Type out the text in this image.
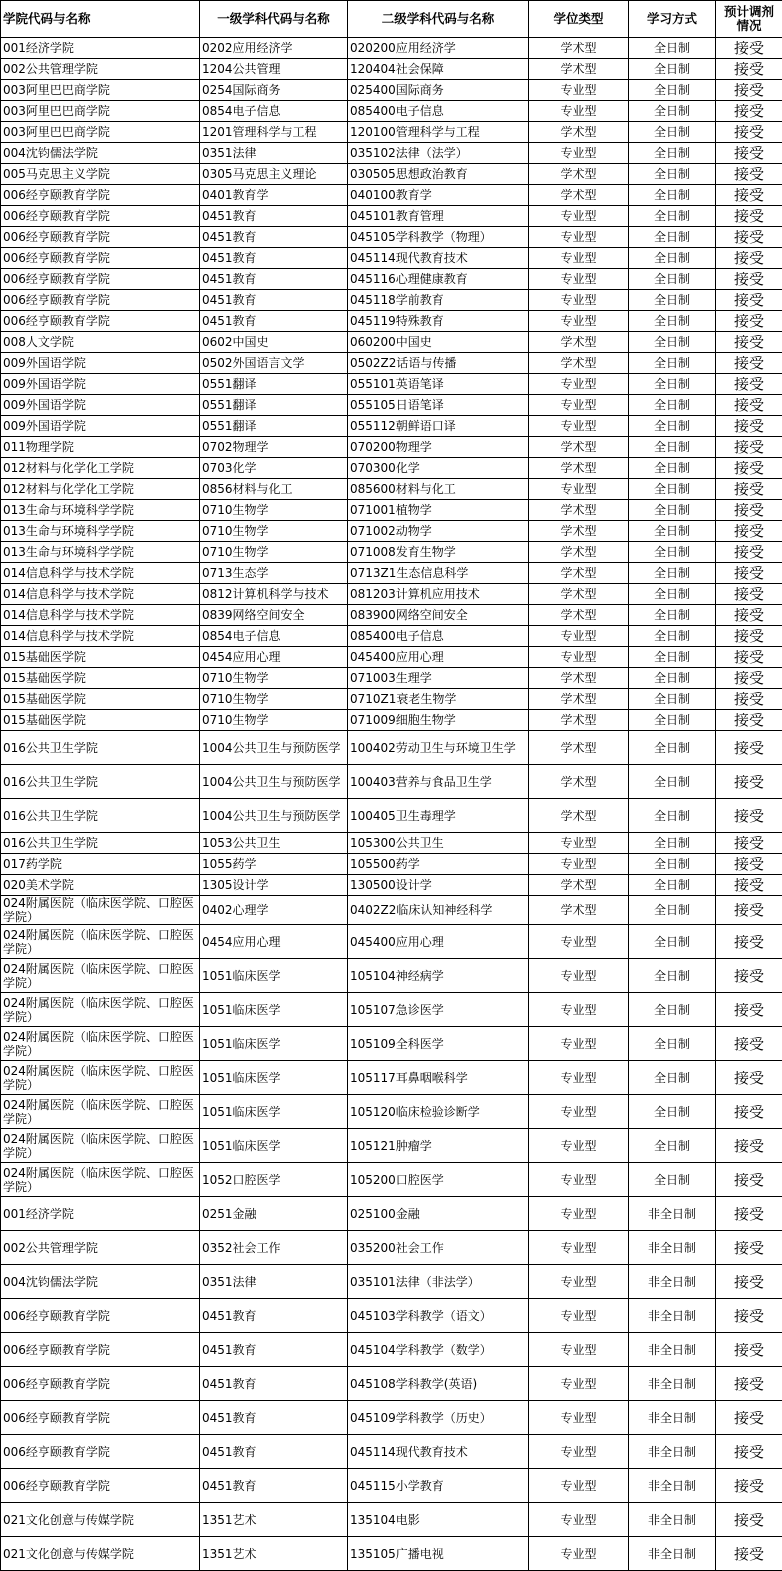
学院代码与名称	一级学科代码与名称	二级学科代码与名称	学位类型	学习方式	预计调剂情况

001经济学院	0202应用经济学	020200应用经济学	学术型	全日制	接受

002公共管理学院	1204公共管理	120404社会保障	学术型	全日制	接受

003阿里巴巴商学院	0254国际商务	025400国际商务	专业型	全日制	接受

003阿里巴巴商学院	0854电子信息	085400电子信息	专业型	全日制	接受

003阿里巴巴商学院	1201管理科学与工程	120100管理科学与工程	学术型	全日制	接受

004沈钧儒法学院	0351法律	035102法律（法学）	专业型	全日制	接受

005马克思主义学院	0305马克思主义理论	030505思想政治教育	学术型	全日制	接受

006经亨颐教育学院	0401教育学	040100教育学	学术型	全日制	接受

006经亨颐教育学院	0451教育	045101教育管理	专业型	全日制	接受

006经亨颐教育学院	0451教育	045105学科教学（物理）	专业型	全日制	接受

006经亨颐教育学院	0451教育	045114现代教育技术	专业型	全日制	接受

006经亨颐教育学院	0451教育	045116心理健康教育	专业型	全日制	接受

006经亨颐教育学院	0451教育	045118学前教育	专业型	全日制	接受

006经亨颐教育学院	0451教育	045119特殊教育	专业型	全日制	接受

008人文学院	0602中国史	060200中国史	学术型	全日制	接受

009外国语学院	0502外国语言文学	0502Z2话语与传播	学术型	全日制	接受

009外国语学院	0551翻译	055101英语笔译	专业型	全日制	接受

009外国语学院	0551翻译	055105日语笔译	专业型	全日制	接受

009外国语学院	0551翻译	055112朝鲜语口译	专业型	全日制	接受

011物理学院	0702物理学	070200物理学	学术型	全日制	接受

012材料与化学化工学院	0703化学	070300化学	学术型	全日制	接受

012材料与化学化工学院	0856材料与化工	085600材料与化工	专业型	全日制	接受

013生命与环境科学学院	0710生物学	071001植物学	学术型	全日制	接受

013生命与环境科学学院	0710生物学	071002动物学	学术型	全日制	接受

013生命与环境科学学院	0710生物学	071008发育生物学	学术型	全日制	接受

014信息科学与技术学院	0713生态学	0713Z1生态信息科学	学术型	全日制	接受

014信息科学与技术学院	0812计算机科学与技术	081203计算机应用技术	学术型	全日制	接受

014信息科学与技术学院	0839网络空间安全	083900网络空间安全	学术型	全日制	接受

014信息科学与技术学院	0854电子信息	085400电子信息	专业型	全日制	接受

015基础医学院	0454应用心理	045400应用心理	专业型	全日制	接受

015基础医学院	0710生物学	071003生理学	学术型	全日制	接受

015基础医学院	0710生物学	0710Z1衰老生物学	学术型	全日制	接受

015基础医学院	0710生物学	071009细胞生物学	学术型	全日制	接受

016公共卫生学院	1004公共卫生与预防医学	100402劳动卫生与环境卫生学	学术型	全日制	接受

016公共卫生学院	1004公共卫生与预防医学	100403营养与食品卫生学	学术型	全日制	接受

016公共卫生学院	1004公共卫生与预防医学	100405卫生毒理学	学术型	全日制	接受

016公共卫生学院	1053公共卫生	105300公共卫生	专业型	全日制	接受

017药学院	1055药学	105500药学	专业型	全日制	接受

020美术学院	1305设计学	130500设计学	学术型	全日制	接受

024附属医院（临床医学院、口腔医学院）	0402心理学	0402Z2临床认知神经科学	学术型	全日制	接受

024附属医院（临床医学院、口腔医学院）	0454应用心理	045400应用心理	专业型	全日制	接受

024附属医院（临床医学院、口腔医学院）	1051临床医学	105104神经病学	专业型	全日制	接受

024附属医院（临床医学院、口腔医学院）	1051临床医学	105107急诊医学	专业型	全日制	接受

024附属医院（临床医学院、口腔医学院）	1051临床医学	105109全科医学	专业型	全日制	接受

024附属医院（临床医学院、口腔医学院）	1051临床医学	105117耳鼻咽喉科学	专业型	全日制	接受

024附属医院（临床医学院、口腔医学院）	1051临床医学	105120临床检验诊断学	专业型	全日制	接受

024附属医院（临床医学院、口腔医学院）	1051临床医学	105121肿瘤学	专业型	全日制	接受

024附属医院（临床医学院、口腔医学院）	1052口腔医学	105200口腔医学	专业型	全日制	接受

001经济学院	0251金融	025100金融	专业型	非全日制	接受

002公共管理学院	0352社会工作	035200社会工作	专业型	非全日制	接受

004沈钧儒法学院	0351法律	035101法律（非法学）	专业型	非全日制	接受

006经亨颐教育学院	0451教育	045103学科教学（语文）	专业型	非全日制	接受

006经亨颐教育学院	0451教育	045104学科教学（数学）	专业型	非全日制	接受

006经亨颐教育学院	0451教育	045108学科教学(英语)	专业型	非全日制	接受

006经亨颐教育学院	0451教育	045109学科教学（历史）	专业型	非全日制	接受

006经亨颐教育学院	0451教育	045114现代教育技术	专业型	非全日制	接受

006经亨颐教育学院	0451教育	045115小学教育	专业型	非全日制	接受

021文化创意与传媒学院	1351艺术	135104电影	专业型	非全日制	接受

021文化创意与传媒学院	1351艺术	135105广播电视	专业型	非全日制	接受
